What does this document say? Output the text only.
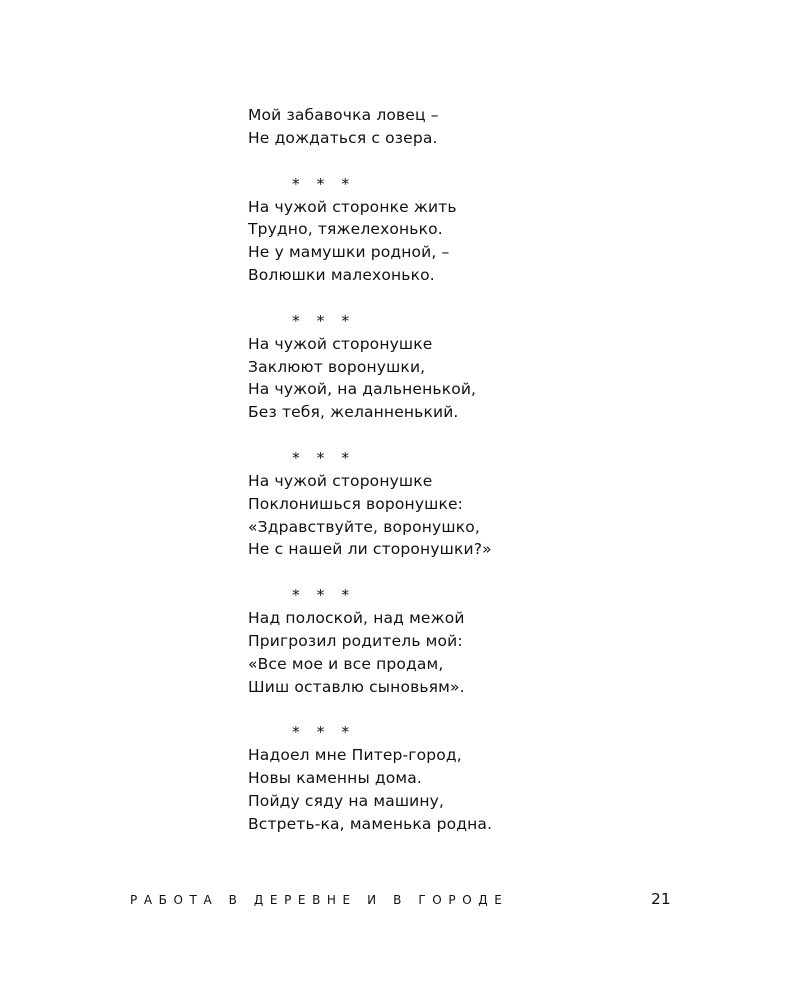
Мой забавочка ловец –
Не дождаться с озера.
* * *
На чужой сторонке жить
Трудно, тяжелехонько.
Не у мамушки родной, –
Волюшки малехонько.
* * *
На чужой сторонушке
Заклюют воронушки,
На чужой, на дальненькой,
Без тебя, желанненький.
* * *
На чужой сторонушке
Поклонишься воронушке:
«Здравствуйте, воронушко,
Не с нашей ли сторонушки?»
* * *
Над полоской, над межой
Пригрозил родитель мой:
«Все мое и все продам,
Шиш оставлю сыновьям».
* * *
Надоел мне Питер-город,
Новы каменны дома.
Пойду сяду на машину,
Встреть-ка, маменька родна.
РАБОТА В ДЕРЕВНЕ И В ГОРОДЕ	21
